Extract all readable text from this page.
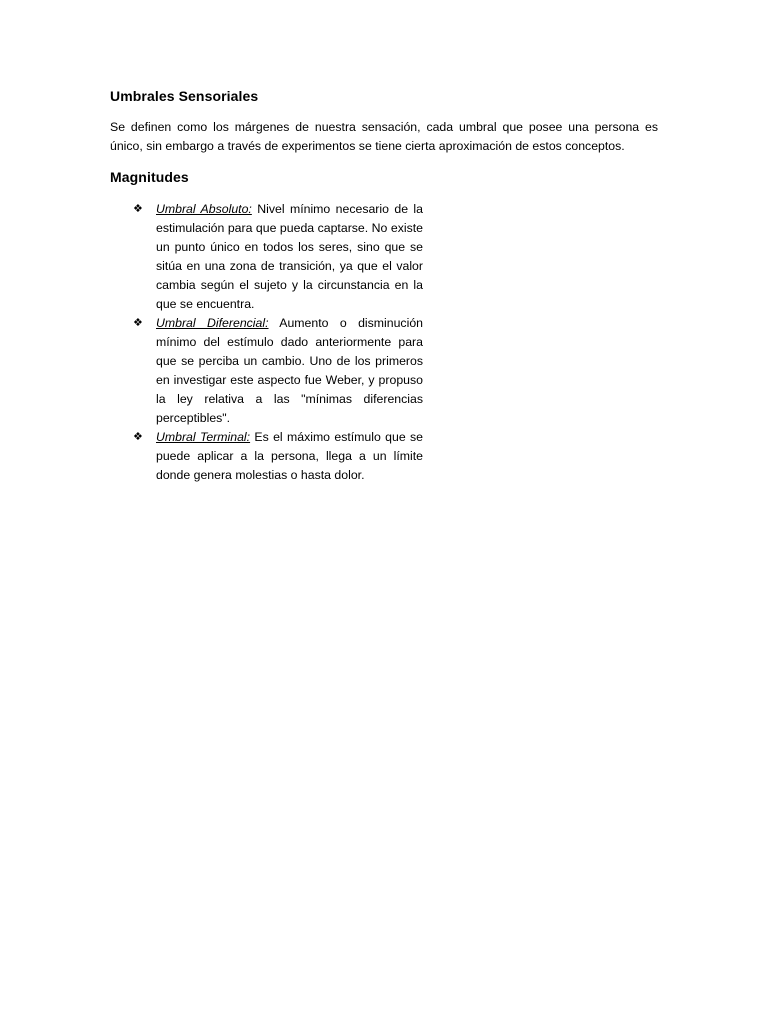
Umbrales Sensoriales

Se definen como los márgenes de nuestra sensación, cada umbral que posee una persona es único, sin embargo a través de experimentos se tiene cierta aproximación de estos conceptos.

Magnitudes
❖	Umbral Absoluto: Nivel mínimo necesario de la estimulación para que pueda captarse. No existe un punto único en todos los seres, sino que se sitúa en una zona de transición, ya que el valor cambia según el sujeto y la circunstancia en la que se encuentra.
❖	Umbral Diferencial: Aumento o disminución mínimo del estímulo dado anteriormente para que se perciba un cambio. Uno de los primeros en investigar este aspecto fue Weber, y propuso la ley relativa a las "mínimas diferencias perceptibles".
❖	Umbral Terminal: Es el máximo estímulo que se puede aplicar a la persona, llega a un límite donde genera molestias o hasta dolor.
